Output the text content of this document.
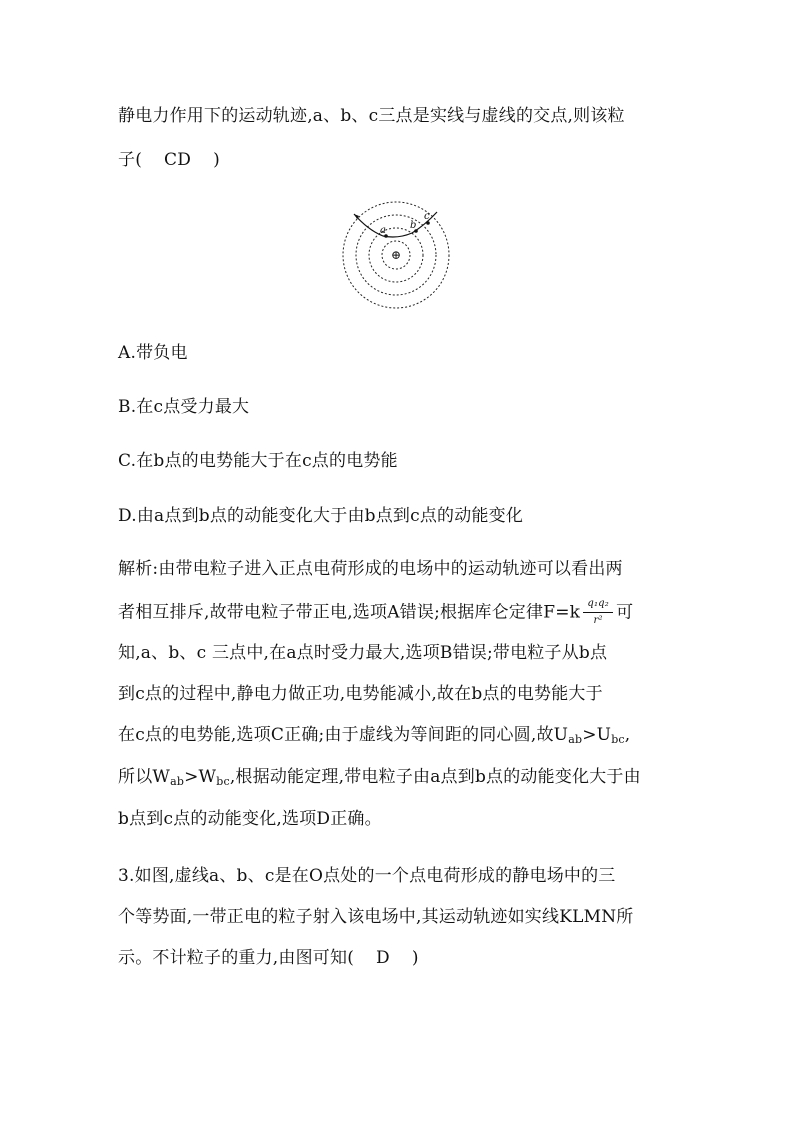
静电力作用下的运动轨迹,a、b、c三点是实线与虚线的交点,则该粒
子( CD )
a b
c
⊕
A.带负电
B.在c点受力最大
C.在b点的电势能大于在c点的电势能
D.由a点到b点的动能变化大于由b点到c点的动能变化
解析:由带电粒子进入正点电荷形成的电场中的运动轨迹可以看出两
者相互排斥,故带电粒子带正电,选项A错误;根据库仑定律$F=k \frac{\text{q₁q₂}}{\text{r²}}$ 可
知,a、b、c 三点中,在a点时受力最大,选项B错误;带电粒子从b点
到c点的过程中,静电力做正功,电势能减小,故在b点的电势能大于
在c点的电势能,选项C正确;由于虚线为等间距的同心圆,故$U_{ab}>U_{bc}$,
所以$W_{ab}>W_{bc}$,根据动能定理,带电粒子由a点到b点的动能变化大于由
b点到c点的动能变化,选项D正确。
3.如图,虚线a、b、c是在O点处的一个点电荷形成的静电场中的三
个等势面,一带正电的粒子射入该电场中,其运动轨迹如实线KLMN所
示。不计粒子的重力,由图可知( D )
